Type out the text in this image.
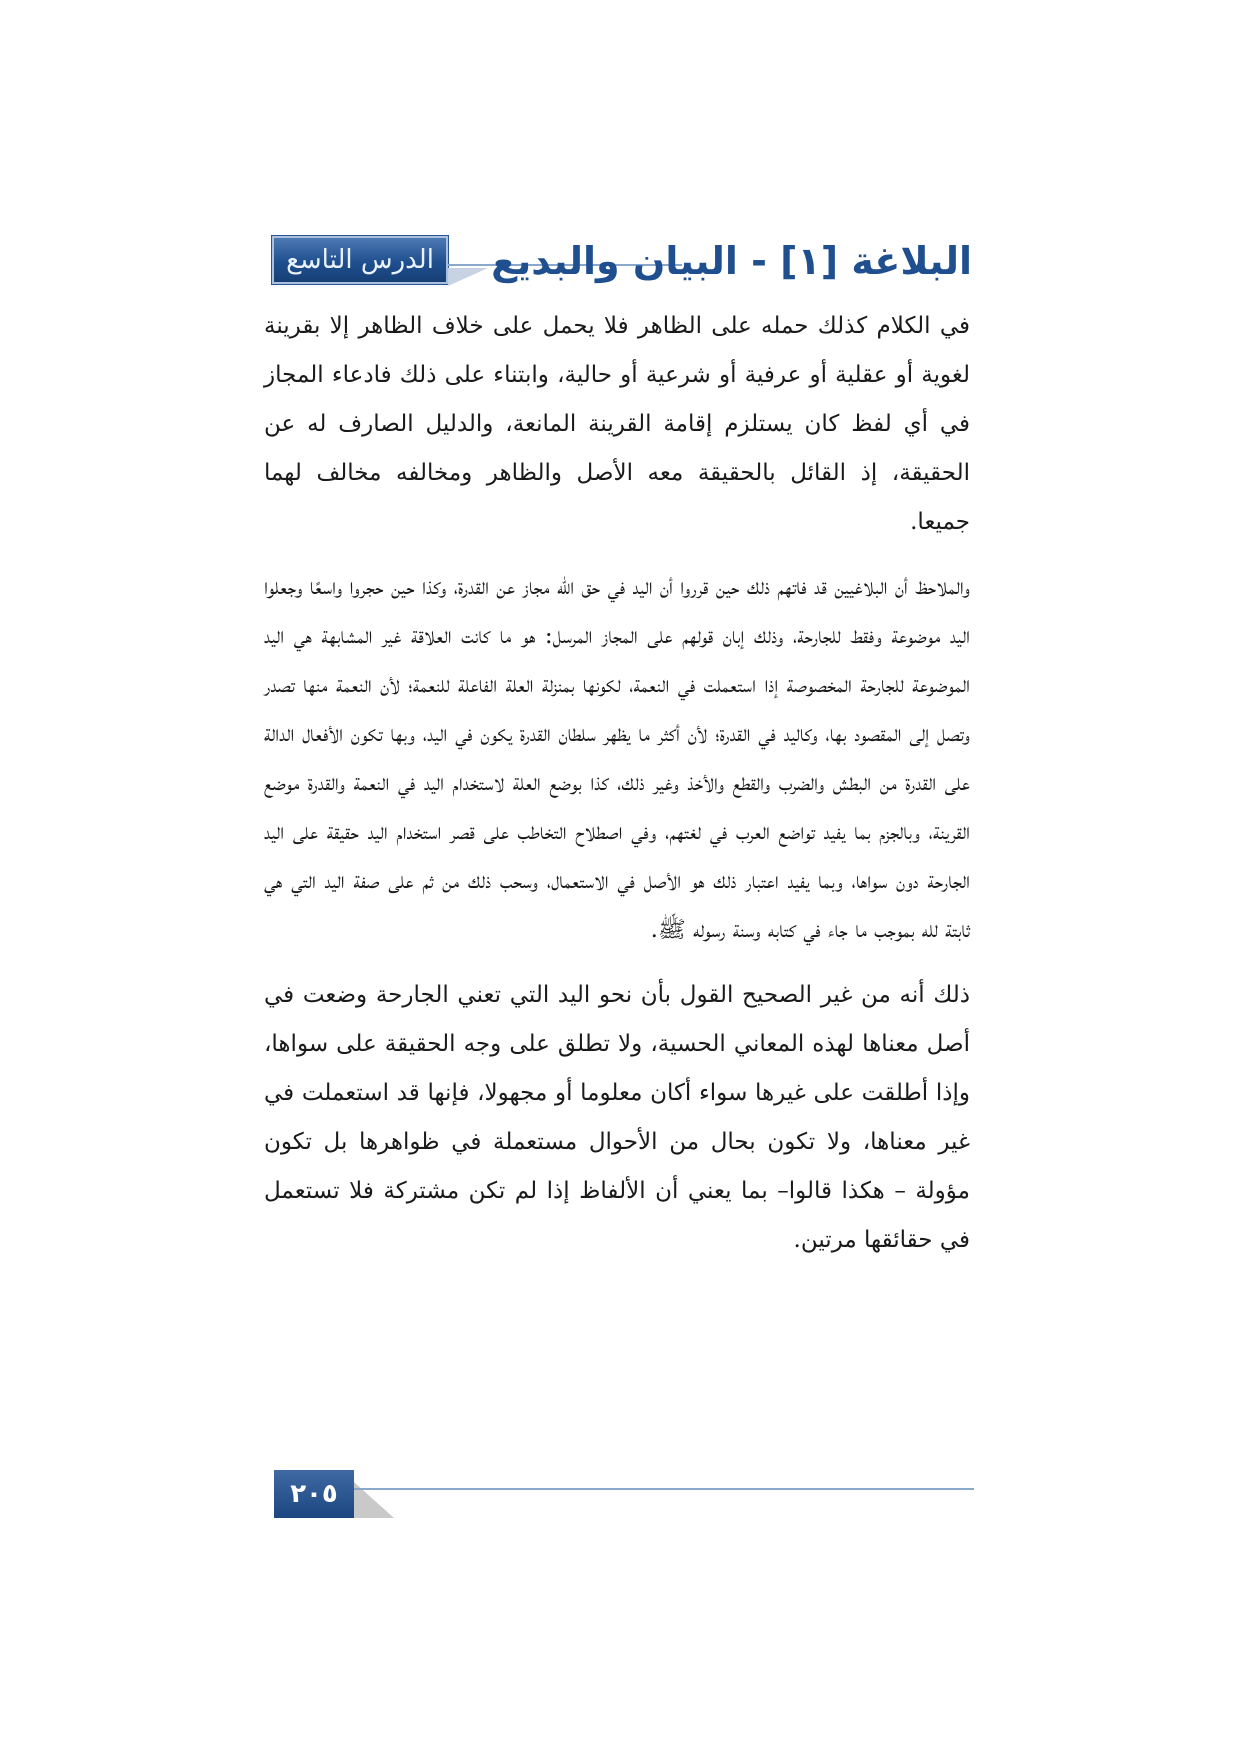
الدرس التاسع	البلاغة [١] - البيان والبديع

في الكلام كذلك حمله على الظاهر فلا يحمل على خلاف الظاهر إلا بقرينة لغوية أو عقلية أو عرفية أو شرعية أو حالية، وابتناء على ذلك فادعاء المجاز في أي لفظ كان يستلزم إقامة القرينة المانعة، والدليل الصارف له عن الحقيقة، إذ القائل بالحقيقة معه الأصل والظاهر ومخالفه مخالف لهما جميعا.

والملاحظ أن البلاغيين قد فاتهم ذلك حين قرروا أن اليد في حق الله مجاز عن القدرة، وكذا حين حجروا واسعًا وجعلوا اليد موضوعة وفقط للجارحة، وذلك إبان قولهم على المجاز المرسل: هو ما كانت العلاقة غير المشابهة هي اليد الموضوعة للجارحة المخصوصة إذا استعملت في النعمة، لكونها بمنزلة العلة الفاعلة للنعمة؛ لأن النعمة منها تصدر وتصل إلى المقصود بها، وكاليد في القدرة؛ لأن أكثر ما يظهر سلطان القدرة يكون في اليد، وبها تكون الأفعال الدالة على القدرة من البطش والضرب والقطع والأخذ وغير ذلك، كذا بوضع العلة لاستخدام اليد في النعمة والقدرة موضع القرينة، وبالجزم بما يفيد تواضع العرب في لغتهم، وفي اصطلاح التخاطب على قصر استخدام اليد حقيقة على اليد الجارحة دون سواها، وبما يفيد اعتبار ذلك هو الأصل في الاستعمال، وسحب ذلك من ثم على صفة اليد التي هي ثابتة لله بموجب ما جاء في كتابه وسنة رسوله ﷺ.

ذلك أنه من غير الصحيح القول بأن نحو اليد التي تعني الجارحة وضعت في أصل معناها لهذه المعاني الحسية، ولا تطلق على وجه الحقيقة على سواها، وإذا أطلقت على غيرها سواء أكان معلوما أو مجهولا، فإنها قد استعملت في غير معناها، ولا تكون بحال من الأحوال مستعملة في ظواهرها بل تكون مؤولة – هكذا قالوا– بما يعني أن الألفاظ إذا لم تكن مشتركة فلا تستعمل في حقائقها مرتين.

٢٠٥
